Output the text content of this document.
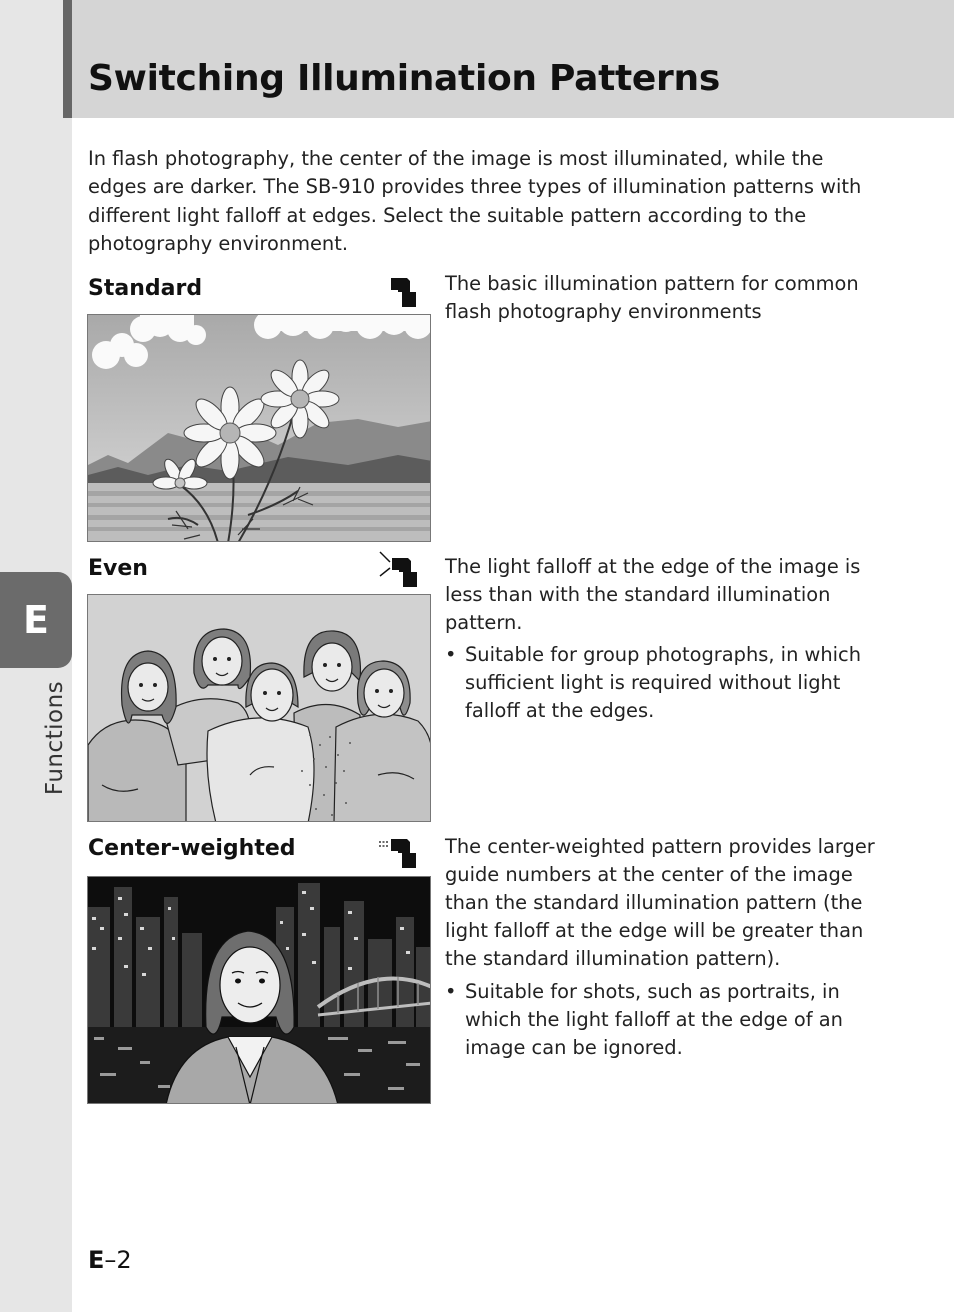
Switching Illumination Patterns
E
Functions

In flash photography, the center of the image is most illuminated, while the edges are darker. The SB-910 provides three types of illumination patterns with different light falloff at edges. Select the suitable pattern according to the photography environment.

Standard	The basic illumination pattern for common flash photography environments

Even	The light falloff at the edge of the image is less than with the standard illumination pattern.

• Suitable for group photographs, in which sufficient light is required without light falloff at the edges.
Center-weighted	The center-weighted pattern provides larger guide numbers at the center of the image than the standard illumination pattern (the light falloff at the edge will be greater than the standard illumination pattern).

• Suitable for shots, such as portraits, in which the light falloff at the edge of an image can be ignored.
E–2
